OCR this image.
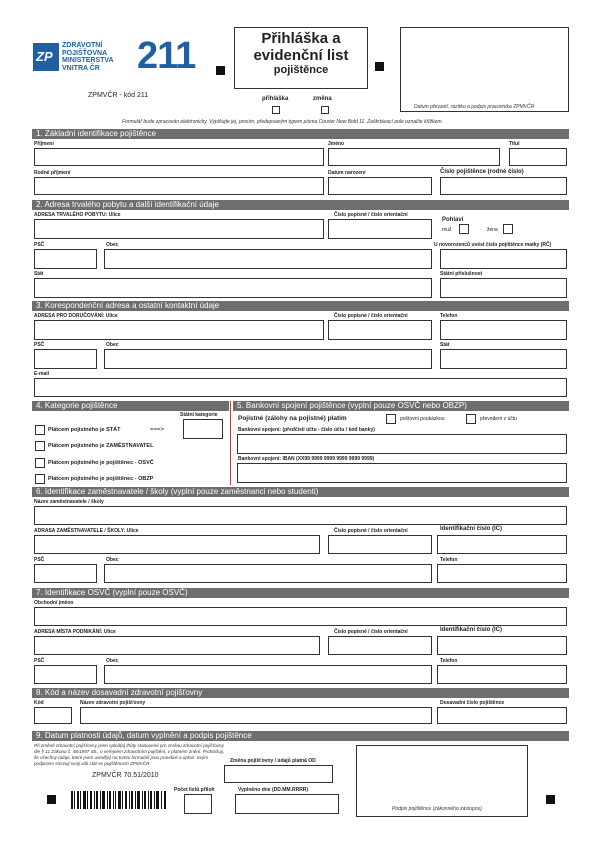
ZP
ZDRAVOTNÍ
POJIŠŤOVNA
MINISTERSTVA
VNITRA ČR 211
ZPMVČR - kód 211
Přihláška a
evidenční list
pojištěnce
přihláška	změna
Datum převzetí, razítko a podpis pracovníka ZPMVČR
Formulář bude zpracován elektronicky. Vyplňujte jej, prosím, předepsaným typem písma Courier New Bold 11. Zaškrtávací pole označte křížkem.
1. Základní identifikace pojištěnce
Příjmení	Jméno	Titul
Rodné příjmení	Datum narození	Číslo pojištěnce (rodné číslo)
2. Adresa trvalého pobytu a další identifikační údaje
ADRESA TRVALÉHO POBYTU: Ulice	Číslo popisné / číslo orientační
Pohlaví
muž	žena
PSČ	Obec	U novorozenců uvést číslo pojištěnce matky (RČ)
Stát	Státní příslušnost
3. Korespondenční adresa a ostatní kontaktní údaje
ADRESA PRO DORUČOVÁNÍ: Ulice	Číslo popisné / číslo orientační	Telefon
PSČ	Obec	Stát
E-mail
4. Kategorie pojištěnce	5. Bankovní spojení pojištěnce (vyplní pouze OSVČ nebo OBZP)
Státní kategorie
Plátcem pojistného je STÁT	===>
Plátcem pojistného je ZAMĚSTNAVATEL
Plátcem pojistného je pojištěnec - OSVČ
Plátcem pojistného je pojištěnec - OBZP
Pojistné (zálohy na pojistné) platím	poštovní poukázkou	převodem z účtu
Bankovní spojení: (předčíslí účtu - číslo účtu / kód banky)
Bankovní spojení: IBAN (XX99 9999 9999 9999 9999 9999)
6. Identifikace zaměstnavatele / školy (vyplní pouze zaměstnanci nebo studenti)
Název zaměstnavatele / školy
ADRASA ZAMĚSTNAVATELE / ŠKOLY: Ulice	Číslo popisné / číslo orientační	Identifikační číslo (IČ)
PSČ	Obec	Telefon
7. Identifikace OSVČ (vyplní pouze OSVČ)
Obchodní jméno
ADRESA MÍSTA PODNIKÁNÍ: Ulice	Číslo popisné / číslo orientační	Identifikační číslo (IČ)
PSČ	Obec	Telefon
8. Kód a název dosavadní zdravotní pojišťovny
Kód	Název zdravotní pojišťovny	Dosavadní číslo pojištěnce
9. Datum platnosti údajů, datum vyplnění a podpis pojištěnce
Při změně zdravotní pojišťovny jsem splnil(a) lhůty stanovené pro změnu zdravotní pojišťovny dle § 11 Zákona č. 48/1997 Sb., o veřejném zdravotním pojištění, v platném znění. Prohlašuji, že všechny údaje, které jsem uvedl(a) na tomto formuláři jsou pravdivé a úplné. Svým podpisem stvrzuji svoji vůli stát se pojištěncem ZPMVČR.	Změna pojišťovny / údajů platná OD
ZPMVČR 70.51/2010
Počet listů příloh	Vyplněno dne (DD.MM.RRRR)
Podpis pojištěnce (zákonného zástupce)
